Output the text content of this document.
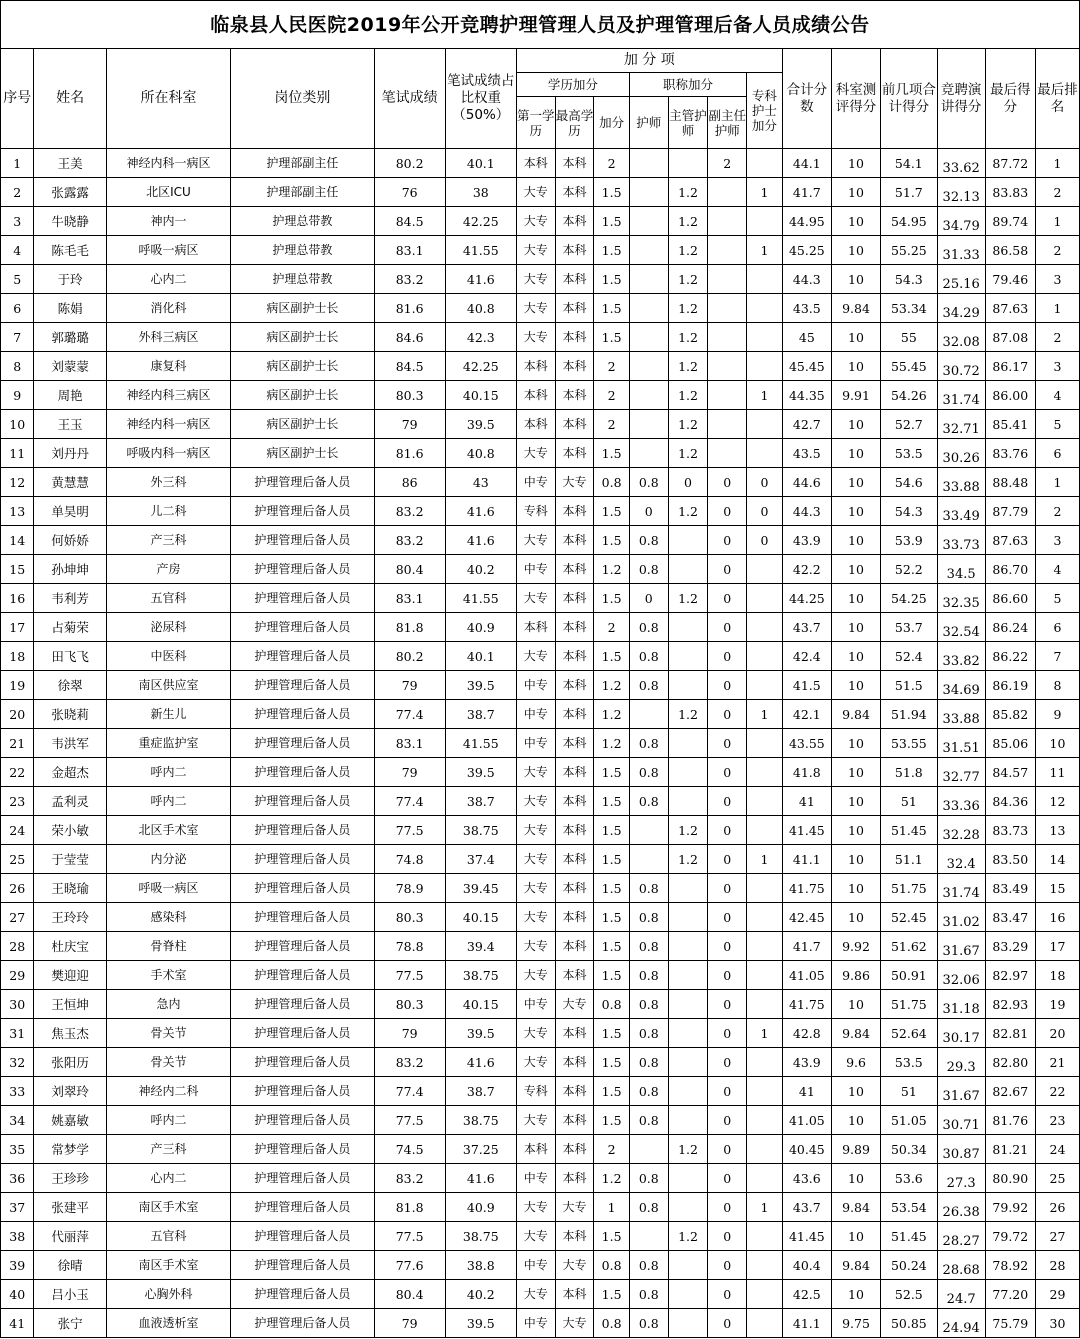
临泉县人民医院2019年公开竞聘护理管理人员及护理管理后备人员成绩公告
序号	姓名	所在科室	岗位类别	笔试成绩	笔试成绩占比权重（50%）	加 分 项							合计分数	科室测评得分	前几项合计得分	竞聘演讲得分	最后得分	最后排名
						学历加分			职称加分			专科护士加分						
						第一学历	最高学历	加分	护师	主管护师	副主任护师							
1	王美	神经内科一病区	护理部副主任	80.2	40.1	本科	本科	2			2		44.1	10	54.1	33.62	87.72	1
2	张露露	北区ICU	护理部副主任	76	38	大专	本科	1.5		1.2		1	41.7	10	51.7	32.13	83.83	2
3	牛晓静	神内一	护理总带教	84.5	42.25	大专	本科	1.5		1.2			44.95	10	54.95	34.79	89.74	1
4	陈毛毛	呼吸一病区	护理总带教	83.1	41.55	大专	本科	1.5		1.2		1	45.25	10	55.25	31.33	86.58	2
5	于玲	心内二	护理总带教	83.2	41.6	大专	本科	1.5		1.2			44.3	10	54.3	25.16	79.46	3
6	陈娟	消化科	病区副护士长	81.6	40.8	大专	本科	1.5		1.2			43.5	9.84	53.34	34.29	87.63	1
7	郭璐璐	外科三病区	病区副护士长	84.6	42.3	大专	本科	1.5		1.2			45	10	55	32.08	87.08	2
8	刘蒙蒙	康复科	病区副护士长	84.5	42.25	本科	本科	2		1.2			45.45	10	55.45	30.72	86.17	3
9	周艳	神经内科三病区	病区副护士长	80.3	40.15	本科	本科	2		1.2		1	44.35	9.91	54.26	31.74	86.00	4
10	王玉	神经内科一病区	病区副护士长	79	39.5	本科	本科	2		1.2			42.7	10	52.7	32.71	85.41	5
11	刘丹丹	呼吸内科一病区	病区副护士长	81.6	40.8	大专	本科	1.5		1.2			43.5	10	53.5	30.26	83.76	6
12	黄慧慧	外三科	护理管理后备人员	86	43	中专	大专	0.8	0.8	0	0	0	44.6	10	54.6	33.88	88.48	1
13	单昊明	儿二科	护理管理后备人员	83.2	41.6	专科	本科	1.5	0	1.2	0	0	44.3	10	54.3	33.49	87.79	2
14	何娇娇	产三科	护理管理后备人员	83.2	41.6	大专	本科	1.5	0.8		0	0	43.9	10	53.9	33.73	87.63	3
15	孙坤坤	产房	护理管理后备人员	80.4	40.2	中专	本科	1.2	0.8		0		42.2	10	52.2	34.5	86.70	4
16	韦利芳	五官科	护理管理后备人员	83.1	41.55	大专	本科	1.5	0	1.2	0		44.25	10	54.25	32.35	86.60	5
17	占菊荣	泌尿科	护理管理后备人员	81.8	40.9	本科	本科	2	0.8		0		43.7	10	53.7	32.54	86.24	6
18	田飞飞	中医科	护理管理后备人员	80.2	40.1	大专	本科	1.5	0.8		0		42.4	10	52.4	33.82	86.22	7
19	徐翠	南区供应室	护理管理后备人员	79	39.5	中专	本科	1.2	0.8		0		41.5	10	51.5	34.69	86.19	8
20	张晓莉	新生儿	护理管理后备人员	77.4	38.7	中专	本科	1.2		1.2	0	1	42.1	9.84	51.94	33.88	85.82	9
21	韦洪军	重症监护室	护理管理后备人员	83.1	41.55	中专	本科	1.2	0.8		0		43.55	10	53.55	31.51	85.06	10
22	金超杰	呼内二	护理管理后备人员	79	39.5	大专	本科	1.5	0.8		0		41.8	10	51.8	32.77	84.57	11
23	孟利灵	呼内二	护理管理后备人员	77.4	38.7	大专	本科	1.5	0.8		0		41	10	51	33.36	84.36	12
24	荣小敏	北区手术室	护理管理后备人员	77.5	38.75	大专	本科	1.5		1.2	0		41.45	10	51.45	32.28	83.73	13
25	于莹莹	内分泌	护理管理后备人员	74.8	37.4	大专	本科	1.5		1.2	0	1	41.1	10	51.1	32.4	83.50	14
26	王晓瑜	呼吸一病区	护理管理后备人员	78.9	39.45	大专	本科	1.5	0.8		0		41.75	10	51.75	31.74	83.49	15
27	王玲玲	感染科	护理管理后备人员	80.3	40.15	大专	本科	1.5	0.8		0		42.45	10	52.45	31.02	83.47	16
28	杜庆宝	骨脊柱	护理管理后备人员	78.8	39.4	大专	本科	1.5	0.8		0		41.7	9.92	51.62	31.67	83.29	17
29	樊迎迎	手术室	护理管理后备人员	77.5	38.75	大专	本科	1.5	0.8		0		41.05	9.86	50.91	32.06	82.97	18
30	王恒坤	急内	护理管理后备人员	80.3	40.15	中专	大专	0.8	0.8		0		41.75	10	51.75	31.18	82.93	19
31	焦玉杰	骨关节	护理管理后备人员	79	39.5	大专	本科	1.5	0.8		0	1	42.8	9.84	52.64	30.17	82.81	20
32	张阳历	骨关节	护理管理后备人员	83.2	41.6	大专	本科	1.5	0.8		0		43.9	9.6	53.5	29.3	82.80	21
33	刘翠玲	神经内二科	护理管理后备人员	77.4	38.7	专科	本科	1.5	0.8		0		41	10	51	31.67	82.67	22
34	姚嘉敏	呼内二	护理管理后备人员	77.5	38.75	大专	本科	1.5	0.8		0		41.05	10	51.05	30.71	81.76	23
35	常梦学	产三科	护理管理后备人员	74.5	37.25	本科	本科	2		1.2	0		40.45	9.89	50.34	30.87	81.21	24
36	王珍珍	心内二	护理管理后备人员	83.2	41.6	中专	本科	1.2	0.8		0		43.6	10	53.6	27.3	80.90	25
37	张建平	南区手术室	护理管理后备人员	81.8	40.9	大专	大专	1	0.8		0	1	43.7	9.84	53.54	26.38	79.92	26
38	代丽萍	五官科	护理管理后备人员	77.5	38.75	大专	本科	1.5		1.2	0		41.45	10	51.45	28.27	79.72	27
39	徐晴	南区手术室	护理管理后备人员	77.6	38.8	中专	大专	0.8	0.8		0		40.4	9.84	50.24	28.68	78.92	28
40	吕小玉	心胸外科	护理管理后备人员	80.4	40.2	大专	本科	1.5	0.8		0		42.5	10	52.5	24.7	77.20	29
41	张宁	血液透析室	护理管理后备人员	79	39.5	中专	大专	0.8	0.8		0		41.1	9.75	50.85	24.94	75.79	30
